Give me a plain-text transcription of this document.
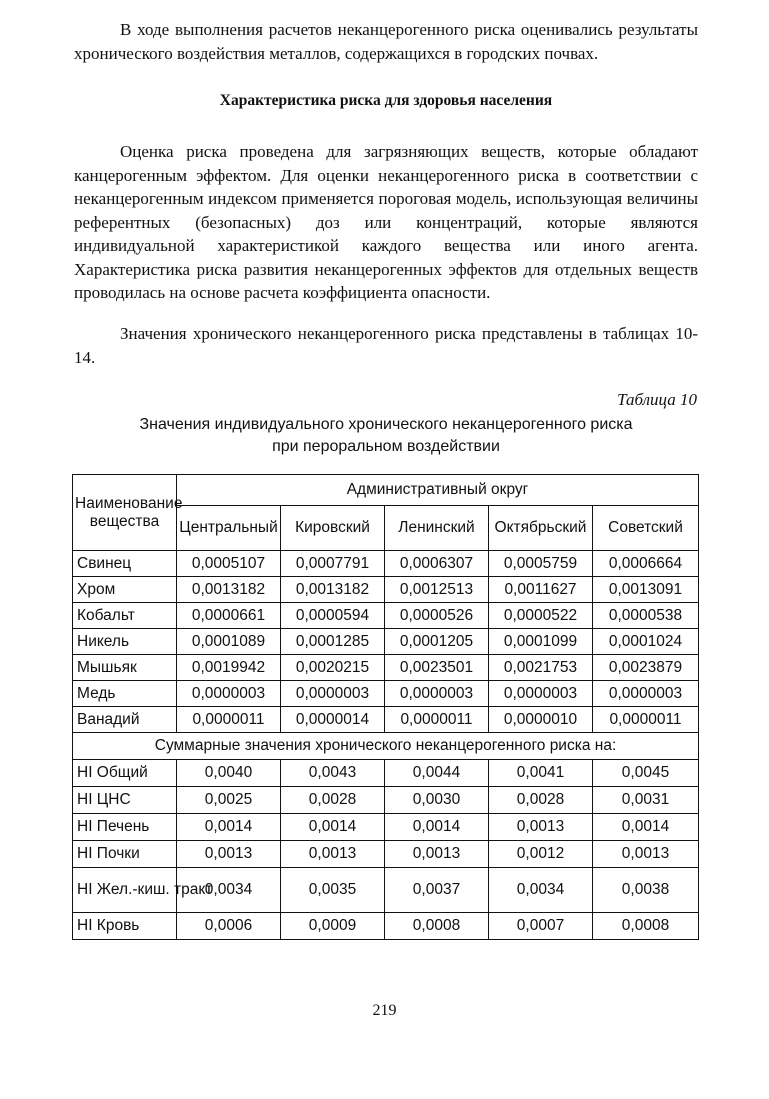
В ходе выполнения расчетов неканцерогенного риска оценивались результаты хронического воздействия металлов, содержащихся в городских почвах.

Характеристика риска для здоровья населения

Оценка риска проведена для загрязняющих веществ, которые обладают канцерогенным эффектом. Для оценки неканцерогенного риска в соответствии с неканцерогенным индексом применяется пороговая модель, использующая величины референтных (безопасных) доз или концентраций, которые являются индивидуальной характеристикой каждого вещества или иного агента. Характеристика риска развития неканцерогенных эффектов для отдельных веществ проводилась на основе расчета коэффициента опасности.

Значения хронического неканцерогенного риска представлены в таблицах 10-14.

Таблица 10
Значения индивидуального хронического неканцерогенного риска
при пероральном воздействии
Наименование вещества	Административный округ				
	Центральный	Кировский	Ленинский	Октябрьский	Советский
Свинец	0,0005107	0,0007791	0,0006307	0,0005759	0,0006664
Хром	0,0013182	0,0013182	0,0012513	0,0011627	0,0013091
Кобальт	0,0000661	0,0000594	0,0000526	0,0000522	0,0000538
Никель	0,0001089	0,0001285	0,0001205	0,0001099	0,0001024
Мышьяк	0,0019942	0,0020215	0,0023501	0,0021753	0,0023879
Медь	0,0000003	0,0000003	0,0000003	0,0000003	0,0000003
Ванадий	0,0000011	0,0000014	0,0000011	0,0000010	0,0000011
Суммарные значения хронического неканцерогенного риска на:					
HI Общий	0,0040	0,0043	0,0044	0,0041	0,0045
HI ЦНС	0,0025	0,0028	0,0030	0,0028	0,0031
HI Печень	0,0014	0,0014	0,0014	0,0013	0,0014
HI Почки	0,0013	0,0013	0,0013	0,0012	0,0013
HI Жел.-киш. тракт	0,0034	0,0035	0,0037	0,0034	0,0038
HI Кровь	0,0006	0,0009	0,0008	0,0007	0,0008
219
